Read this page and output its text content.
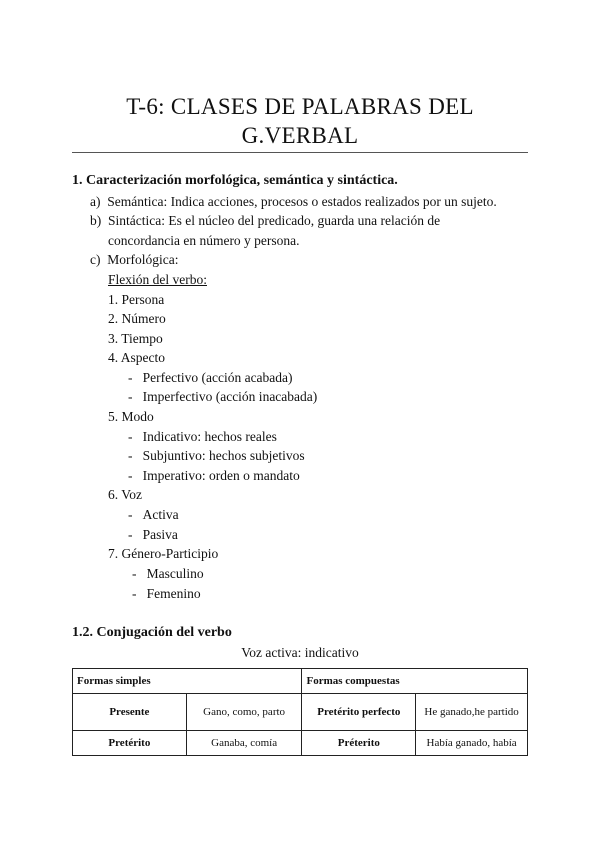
T-6: CLASES DE PALABRAS DEL
G.VERBAL
1. Caracterización morfológica, semántica y sintáctica.
a) Semántica: Indica acciones, procesos o estados realizados por un sujeto.
b) Sintáctica: Es el núcleo del predicado, guarda una relación de
concordancia en número y persona.
c) Morfológica:
Flexión del verbo:
1. Persona
2. Número
3. Tiempo
4. Aspecto
-   Perfectivo (acción acabada)
-   Imperfectivo (acción inacabada)
5. Modo
-   Indicativo: hechos reales
-   Subjuntivo: hechos subjetivos
-   Imperativo: orden o mandato
6. Voz
-   Activa
-   Pasiva
7. Género-Participio
-   Masculino
-   Femenino
1.2. Conjugación del verbo
Voz activa: indicativo
Formas simples		Formas compuestas	
Presente	Gano, como, parto	Pretérito perfecto	He ganado,he partido
Pretérito	Ganaba, comía	Préterito	Había ganado, había
